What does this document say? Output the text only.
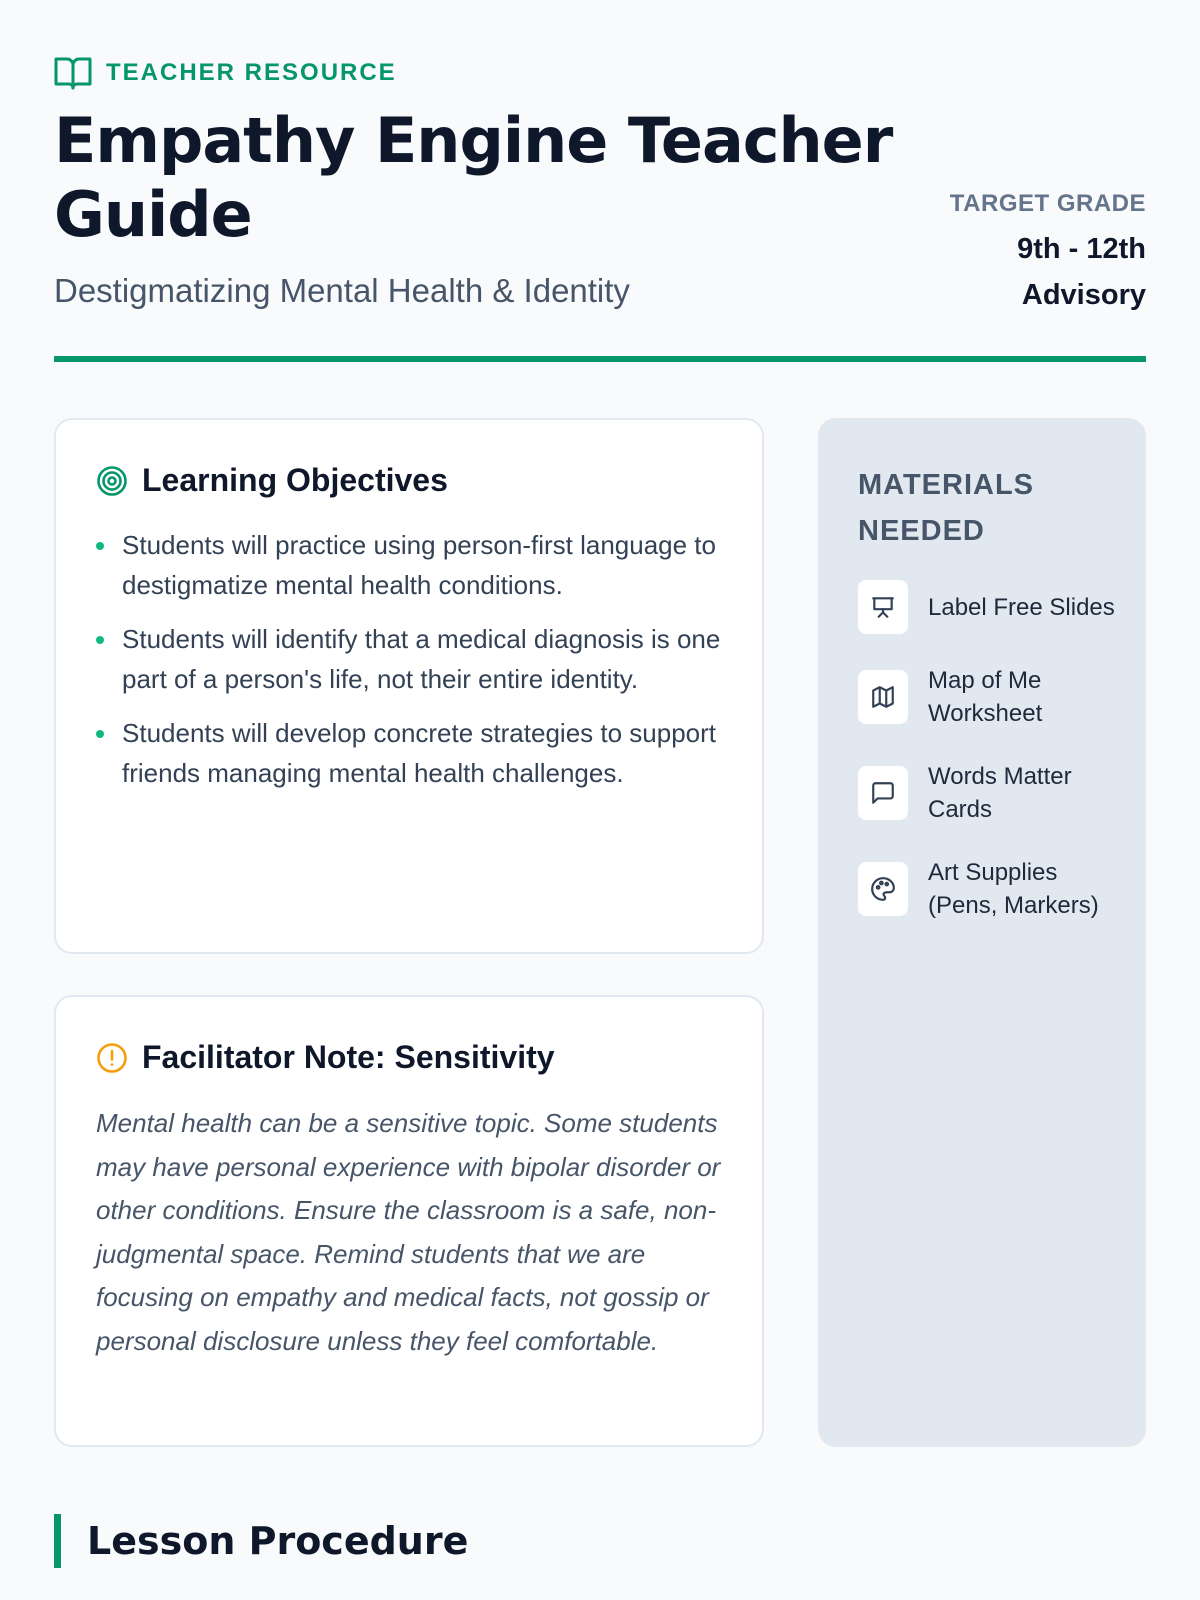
TEACHER RESOURCE
Empathy Engine Teacher Guide

Destigmatizing Mental Health & Identity

TARGET GRADE
9th - 12th Advisory
Learning Objectives
Students will practice using person-first language to destigmatize mental health conditions.
Students will identify that a medical diagnosis is one part of a person's life, not their entire identity.
Students will develop concrete strategies to support friends managing mental health challenges.
Facilitator Note: Sensitivity

Mental health can be a sensitive topic. Some students may have personal experience with bipolar disorder or other conditions. Ensure the classroom is a safe, non-judgmental space. Remind students that we are focusing on empathy and medical facts, not gossip or personal disclosure unless they feel comfortable.

MATERIALS NEEDED
Label Free Slides
Map of Me Worksheet
Words Matter Cards
Art Supplies (Pens, Markers)
Lesson Procedure
